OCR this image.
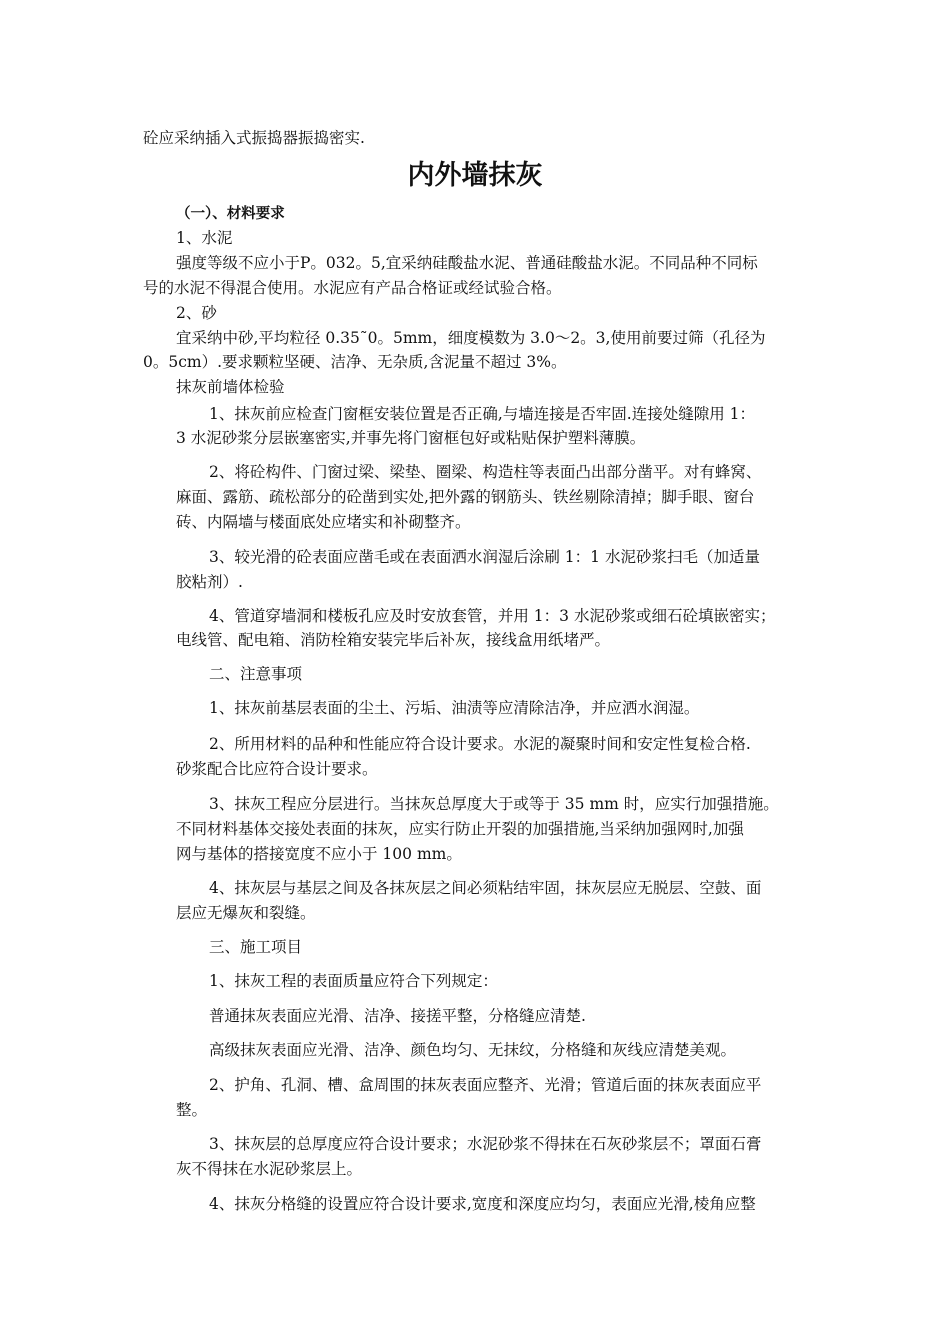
砼应采纳插入式振捣器振捣密实.
内外墙抹灰
（一）、材料要求
1、水泥
强度等级不应小于P。032。5,宜采纳硅酸盐水泥、普通硅酸盐水泥。不同品种不同标
号的水泥不得混合使用。水泥应有产品合格证或经试验合格。
2、砂
宜采纳中砂,平均粒径 0.35˜0。5mm，细度模数为 3.0～2。3,使用前要过筛（孔径为
0。5cm）.要求颗粒坚硬、洁净、无杂质,含泥量不超过 3%。
抹灰前墙体检验
1、抹灰前应检查门窗框安装位置是否正确,与墙连接是否牢固.连接处缝隙用 1：
3 水泥砂浆分层嵌塞密实,并事先将门窗框包好或粘贴保护塑料薄膜。
2、将砼构件、门窗过梁、梁垫、圈梁、构造柱等表面凸出部分凿平。对有蜂窝、
麻面、露筋、疏松部分的砼凿到实处,把外露的钢筋头、铁丝剔除清掉；脚手眼、窗台
砖、内隔墙与楼面底处应堵实和补砌整齐。
3、较光滑的砼表面应凿毛或在表面洒水润湿后涂刷 1：1 水泥砂浆扫毛（加适量
胶粘剂）.
4、管道穿墙洞和楼板孔应及时安放套管，并用 1：3 水泥砂浆或细石砼填嵌密实；
电线管、配电箱、消防栓箱安装完毕后补灰，接线盒用纸堵严。
二、注意事项
1、抹灰前基层表面的尘土、污垢、油渍等应清除洁净，并应洒水润湿。
2、所用材料的品种和性能应符合设计要求。水泥的凝聚时间和安定性复检合格.
砂浆配合比应符合设计要求。
3、抹灰工程应分层进行。当抹灰总厚度大于或等于 35 mm 时，应实行加强措施。
不同材料基体交接处表面的抹灰，应实行防止开裂的加强措施,当采纳加强网时,加强
网与基体的搭接宽度不应小于 100 mm。
4、抹灰层与基层之间及各抹灰层之间必须粘结牢固，抹灰层应无脱层、空鼓、面
层应无爆灰和裂缝。
三、施工项目
1、抹灰工程的表面质量应符合下列规定：
普通抹灰表面应光滑、洁净、接搓平整，分格缝应清楚.
高级抹灰表面应光滑、洁净、颜色均匀、无抹纹，分格缝和灰线应清楚美观。
2、护角、孔洞、槽、盒周围的抹灰表面应整齐、光滑；管道后面的抹灰表面应平
整。
3、抹灰层的总厚度应符合设计要求；水泥砂浆不得抹在石灰砂浆层不；罩面石膏
灰不得抹在水泥砂浆层上。
4、抹灰分格缝的设置应符合设计要求,宽度和深度应均匀，表面应光滑,棱角应整
